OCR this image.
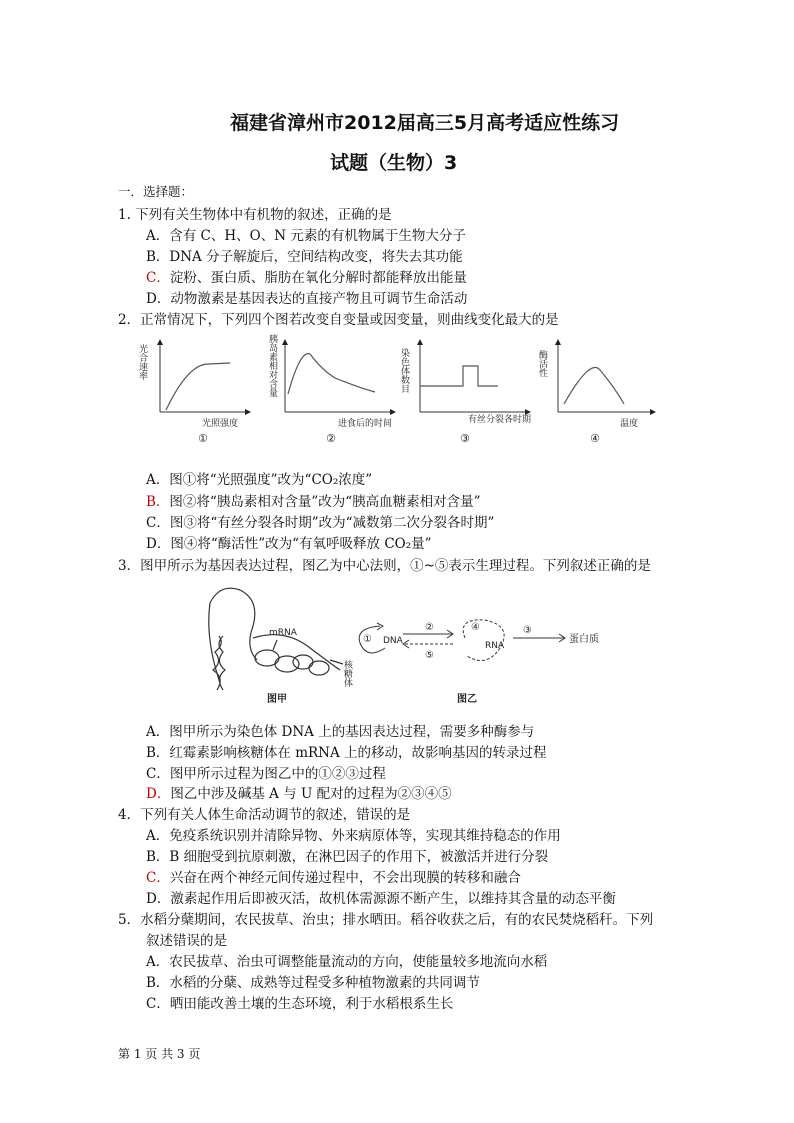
福建省漳州市2012届高三5月高考适应性练习
试题（生物）3
一．选择题：
1. 下列有关生物体中有机物的叙述，正确的是
A．含有 C、H、O、N 元素的有机物属于生物大分子
B．DNA 分子解旋后，空间结构改变，将失去其功能
C．淀粉、蛋白质、脂肪在氧化分解时都能释放出能量
D．动物激素是基因表达的直接产物且可调节生命活动
2．正常情况下，下列四个图若改变自变量或因变量，则曲线变化最大的是
光合速率	胰岛素相对含量	染色体数目	酶活性
光照强度	进食后的时间	有丝分裂各时期	温度
①	②	③	④
A．图①将“光照强度”改为“CO₂浓度”
B．图②将“胰岛素相对含量”改为“胰高血糖素相对含量”
C．图③将“有丝分裂各时期”改为“减数第二次分裂各时期”
D．图④将“酶活性”改为“有氧呼吸释放 CO₂量”
3．图甲所示为基因表达过程，图乙为中心法则，①~⑤表示生理过程。下列叙述正确的是
mRNA
核糖体
图甲
① DNA
②
⑤
④
RNA
③
蛋白质
图乙
A．图甲所示为染色体 DNA 上的基因表达过程，需要多种酶参与
B．红霉素影响核糖体在 mRNA 上的移动，故影响基因的转录过程
C．图甲所示过程为图乙中的①②③过程
D．图乙中涉及碱基 A 与 U 配对的过程为②③④⑤
4．下列有关人体生命活动调节的叙述，错误的是
A．免疫系统识别并清除异物、外来病原体等，实现其维持稳态的作用
B．B 细胞受到抗原刺激，在淋巴因子的作用下，被激活并进行分裂
C．兴奋在两个神经元间传递过程中，不会出现膜的转移和融合
D．激素起作用后即被灭活，故机体需源源不断产生，以维持其含量的动态平衡
5．水稻分蘖期间，农民拔草、治虫；排水晒田。稻谷收获之后，有的农民焚烧稻秆。下列
叙述错误的是
A．农民拔草、治虫可调整能量流动的方向，使能量较多地流向水稻
B．水稻的分蘖、成熟等过程受多种植物激素的共同调节
C．晒田能改善土壤的生态环境，利于水稻根系生长
第 1 页 共 3 页
